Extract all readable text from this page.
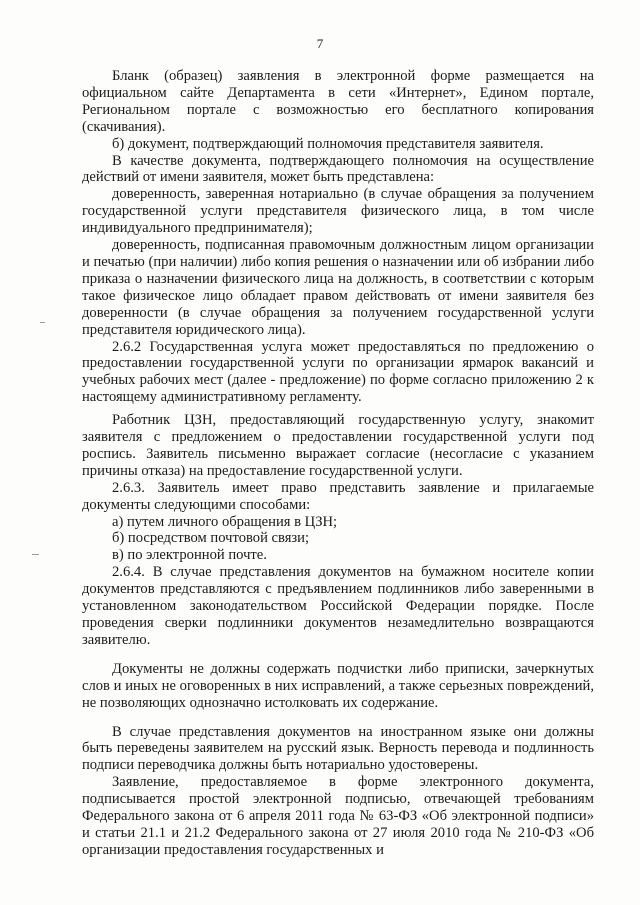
7

Бланк (образец) заявления в электронной форме размещается на официальном сайте Департамента в сети «Интернет», Едином портале, Региональном портале с возможностью его бесплатного копирования (скачивания).

б) документ, подтверждающий полномочия представителя заявителя.

В качестве документа, подтверждающего полномочия на осуществление действий от имени заявителя, может быть представлена:

доверенность, заверенная нотариально (в случае обращения за получением государственной услуги представителя физического лица, в том числе индивидуального предпринимателя);

доверенность, подписанная правомочным должностным лицом организации и печатью (при наличии) либо копия решения о назначении или об избрании либо приказа о назначении физического лица на должность, в соответствии с которым такое физическое лицо обладает правом действовать от имени заявителя без доверенности (в случае обращения за получением государственной услуги представителя юридического лица).

2.6.2 Государственная услуга может предоставляться по предложению о предоставлении государственной услуги по организации ярмарок вакансий и учебных рабочих мест (далее - предложение) по форме согласно приложению 2 к настоящему административному регламенту.

Работник ЦЗН, предоставляющий государственную услугу, знакомит заявителя с предложением о предоставлении государственной услуги под роспись. Заявитель письменно выражает согласие (несогласие с указанием причины отказа) на предоставление государственной услуги.

2.6.3. Заявитель имеет право представить заявление и прилагаемые документы следующими способами:

а) путем личного обращения в ЦЗН;

б) посредством почтовой связи;

в) по электронной почте.

2.6.4. В случае представления документов на бумажном носителе копии документов представляются с предъявлением подлинников либо заверенными в установленном законодательством Российской Федерации порядке. После проведения сверки подлинники документов незамедлительно возвращаются заявителю.

Документы не должны содержать подчистки либо приписки, зачеркнутых слов и иных не оговоренных в них исправлений, а также серьезных повреждений, не позволяющих однозначно истолковать их содержание.

В случае представления документов на иностранном языке они должны быть переведены заявителем на русский язык. Верность перевода и подлинность подписи переводчика должны быть нотариально удостоверены.

Заявление, предоставляемое в форме электронного документа, подписывается простой электронной подписью, отвечающей требованиям Федерального закона от 6 апреля 2011 года № 63-ФЗ «Об электронной подписи» и статьи 21.1 и 21.2 Федерального закона от 27 июля 2010 года № 210-ФЗ «Об организации предоставления государственных и
